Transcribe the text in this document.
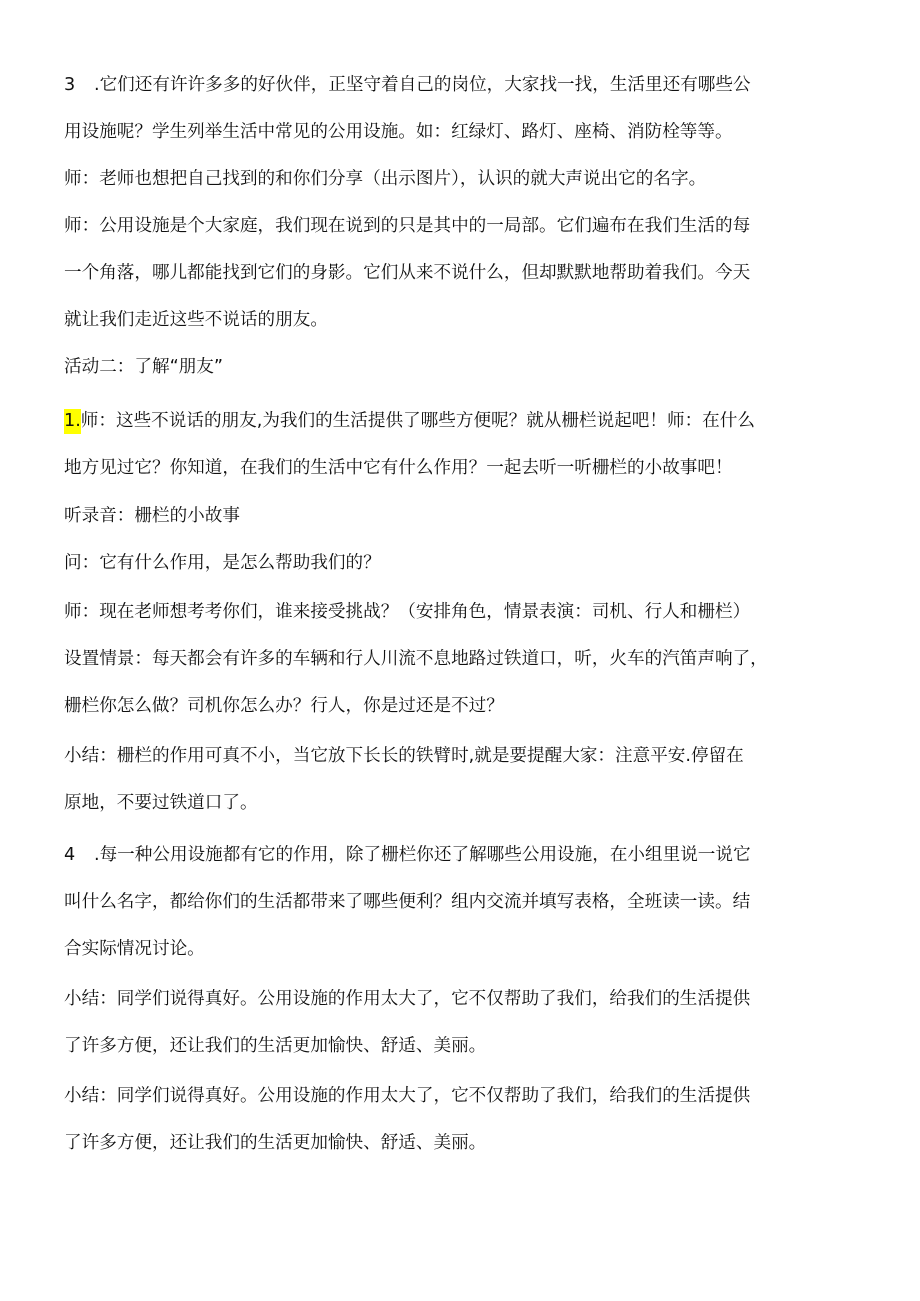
3 .它们还有许许多多的好伙伴，正坚守着自己的岗位，大家找一找，生活里还有哪些公
用设施呢？学生列举生活中常见的公用设施。如：红绿灯、路灯、座椅、消防栓等等。
师：老师也想把自己找到的和你们分享（出示图片），认识的就大声说出它的名字。
师：公用设施是个大家庭，我们现在说到的只是其中的一局部。它们遍布在我们生活的每
一个角落，哪儿都能找到它们的身影。它们从来不说什么，但却默默地帮助着我们。今天
就让我们走近这些不说话的朋友。
活动二：了解“朋友”
1.师：这些不说话的朋友,为我们的生活提供了哪些方便呢？就从栅栏说起吧！师：在什么
地方见过它？你知道，在我们的生活中它有什么作用？一起去听一听栅栏的小故事吧！
听录音：栅栏的小故事
问：它有什么作用，是怎么帮助我们的？
师：现在老师想考考你们，谁来接受挑战？（安排角色，情景表演：司机、行人和栅栏）
设置情景：每天都会有许多的车辆和行人川流不息地路过铁道口，听，火车的汽笛声响了，
栅栏你怎么做？司机你怎么办？行人，你是过还是不过？
小结：栅栏的作用可真不小，当它放下长长的铁臂时,就是要提醒大家：注意平安.停留在
原地，不要过铁道口了。
4 .每一种公用设施都有它的作用，除了栅栏你还了解哪些公用设施，在小组里说一说它
叫什么名字，都给你们的生活都带来了哪些便利？组内交流并填写表格，全班读一读。结
合实际情况讨论。
小结：同学们说得真好。公用设施的作用太大了，它不仅帮助了我们，给我们的生活提供
了许多方便，还让我们的生活更加愉快、舒适、美丽。
小结：同学们说得真好。公用设施的作用太大了，它不仅帮助了我们，给我们的生活提供
了许多方便，还让我们的生活更加愉快、舒适、美丽。
